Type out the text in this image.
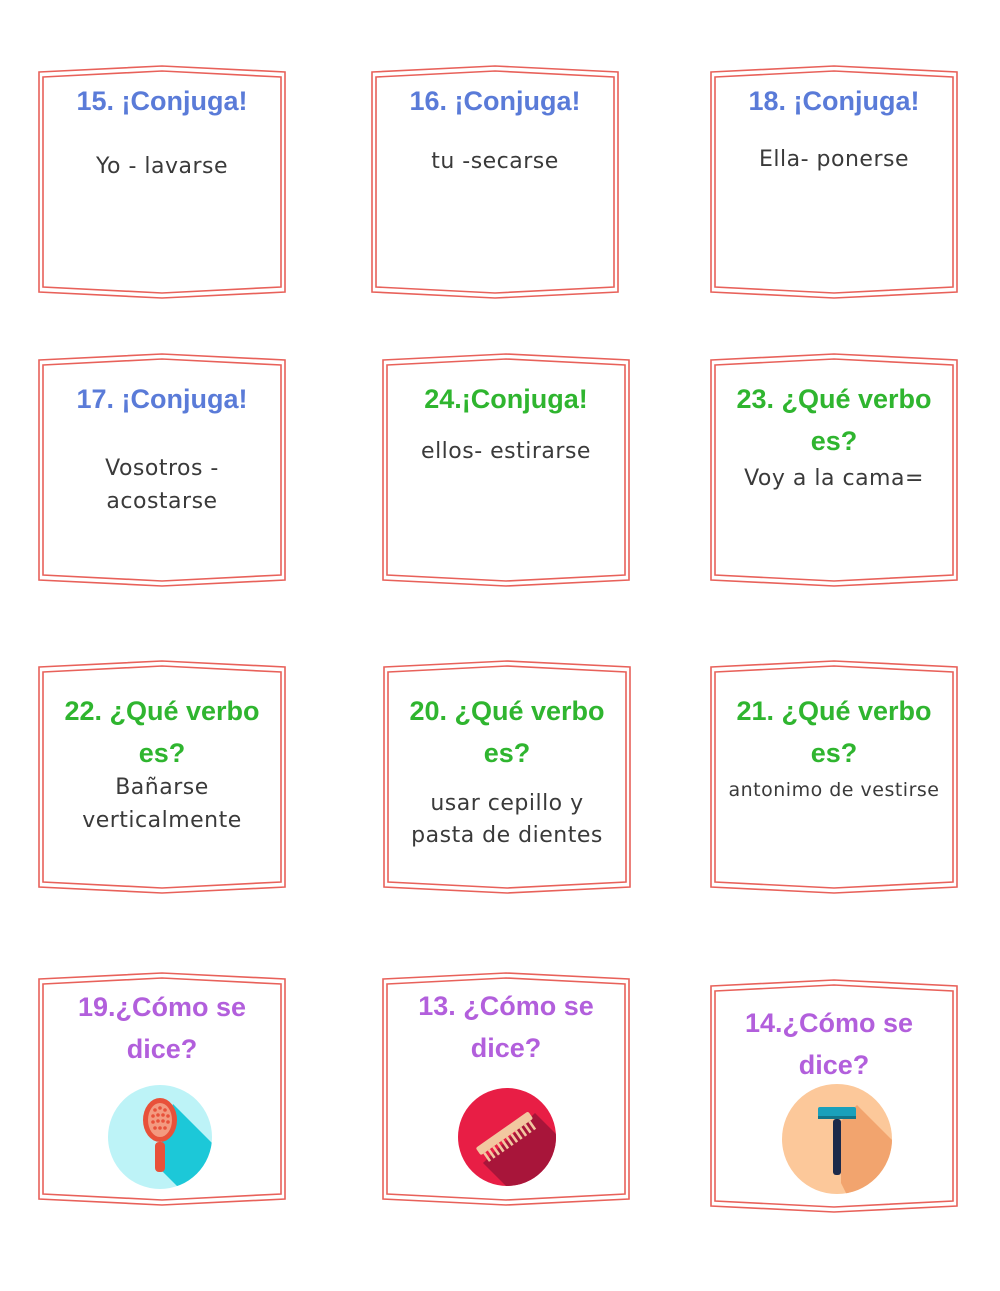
15. ¡Conjuga!
Yo - lavarse
16. ¡Conjuga!
tu -secarse
18. ¡Conjuga!
Ella- ponerse
17. ¡Conjuga!
Vosotros -
acostarse
24.¡Conjuga!
ellos- estirarse
23. ¿Qué verbo
es?
Voy a la cama=
22. ¿Qué verbo
es?
Bañarse
verticalmente
20. ¿Qué verbo
es?
usar cepillo y
pasta de dientes
21. ¿Qué verbo
es?
antonimo de vestirse
19.¿Cómo se
dice?
13. ¿Cómo se
dice?
14.¿Cómo se
dice?
